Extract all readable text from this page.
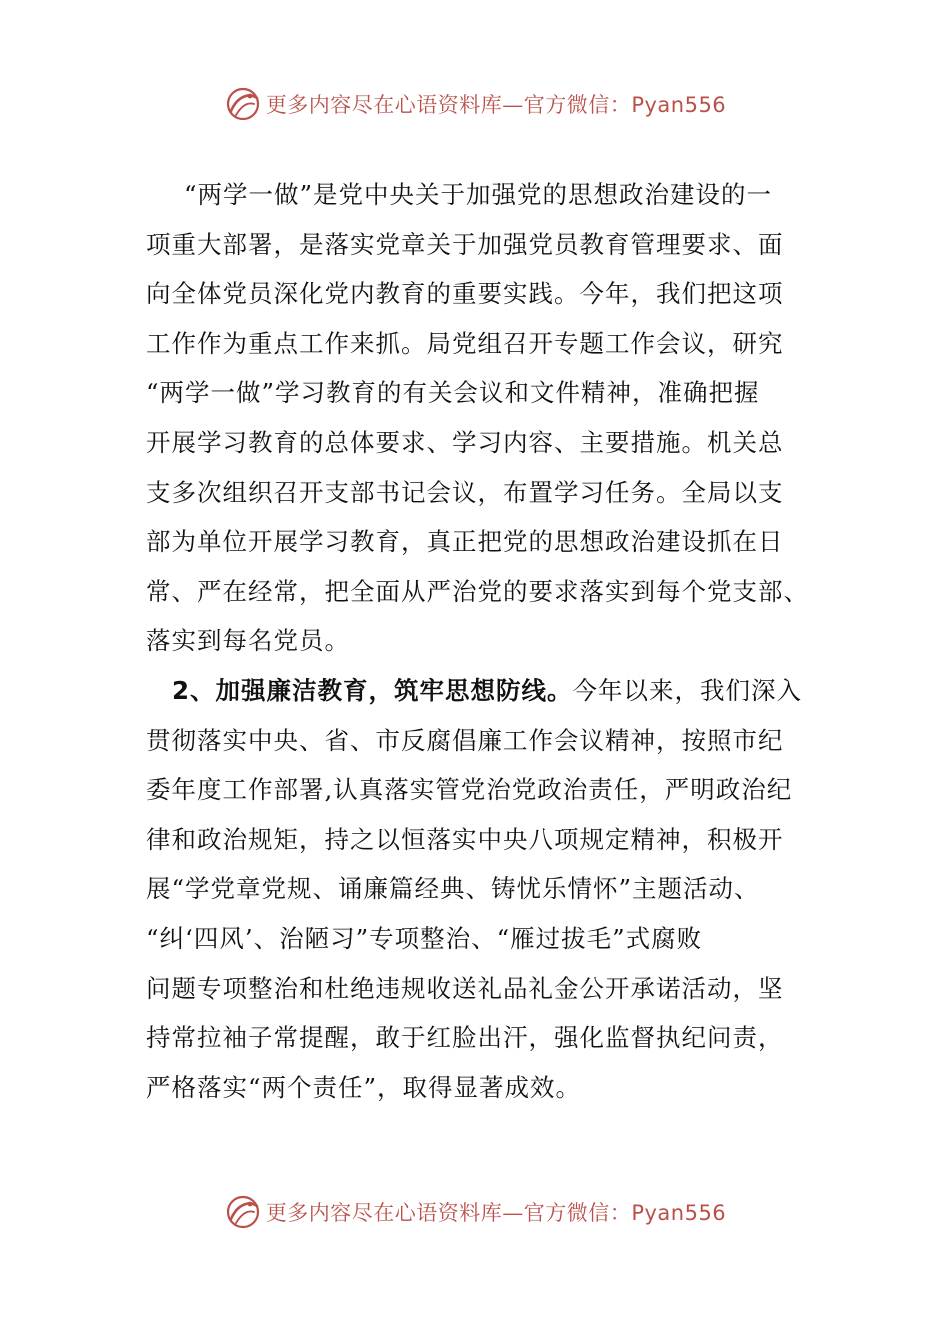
更多内容尽在心语资料库—官方微信：Pyan556

“两学一做”是党中央关于加强党的思想政治建设的一
项重大部署，是落实党章关于加强党员教育管理要求、面
向全体党员深化党内教育的重要实践。今年，我们把这项
工作作为重点工作来抓。局党组召开专题工作会议，研究
“两学一做”学习教育的有关会议和文件精神，准确把握
开展学习教育的总体要求、学习内容、主要措施。机关总
支多次组织召开支部书记会议，布置学习任务。全局以支
部为单位开展学习教育，真正把党的思想政治建设抓在日
常、严在经常，把全面从严治党的要求落实到每个党支部、
落实到每名党员。

2、加强廉洁教育，筑牢思想防线。今年以来，我们深入
贯彻落实中央、省、市反腐倡廉工作会议精神，按照市纪
委年度工作部署,认真落实管党治党政治责任，严明政治纪
律和政治规矩，持之以恒落实中央八项规定精神，积极开
展“学党章党规、诵廉篇经典、铸忧乐情怀”主题活动、
“纠‘四风’、治陋习”专项整治、“雁过拔毛”式腐败
问题专项整治和杜绝违规收送礼品礼金公开承诺活动，坚
持常拉袖子常提醒，敢于红脸出汗，强化监督执纪问责，
严格落实“两个责任”，取得显著成效。

更多内容尽在心语资料库—官方微信：Pyan556
